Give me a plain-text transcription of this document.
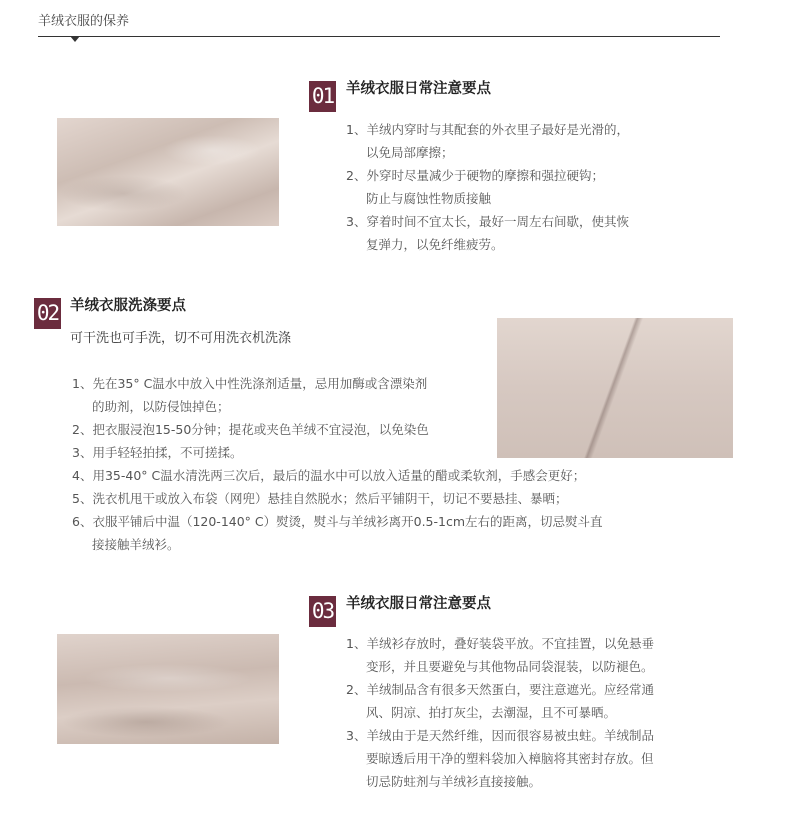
羊绒衣服的保养
01 羊绒衣服日常注意要点
1、羊绒内穿时与其配套的外衣里子最好是光滑的，
以免局部摩擦；
2、外穿时尽量减少于硬物的摩擦和强拉硬钩；
防止与腐蚀性物质接触
3、穿着时间不宜太长，最好一周左右间歇，使其恢
复弹力，以免纤维疲劳。
02 羊绒衣服洗涤要点
可干洗也可手洗，切不可用洗衣机洗涤
1、先在35° C温水中放入中性洗涤剂适量，忌用加酶或含漂染剂
的助剂，以防侵蚀掉色；
2、把衣服浸泡15-50分钟；提花或夹色羊绒不宜浸泡，以免染色
3、用手轻轻拍揉，不可搓揉。
4、用35-40° C温水清洗两三次后，最后的温水中可以放入适量的醋或柔软剂，手感会更好；
5、洗衣机甩干或放入布袋（网兜）悬挂自然脱水；然后平铺阴干，切记不要悬挂、暴晒；
6、衣服平铺后中温（120-140° C）熨烫，熨斗与羊绒衫离开0.5-1cm左右的距离，切忌熨斗直
接接触羊绒衫。
03 羊绒衣服日常注意要点
1、羊绒衫存放时，叠好装袋平放。不宜挂置，以免悬垂
变形，并且要避免与其他物品同袋混装，以防褪色。
2、羊绒制品含有很多天然蛋白，要注意遮光。应经常通
风、阴凉、拍打灰尘，去潮湿，且不可暴晒。
3、羊绒由于是天然纤维，因而很容易被虫蛀。羊绒制品
要晾透后用干净的塑料袋加入樟脑将其密封存放。但
切忌防蛀剂与羊绒衫直接接触。
